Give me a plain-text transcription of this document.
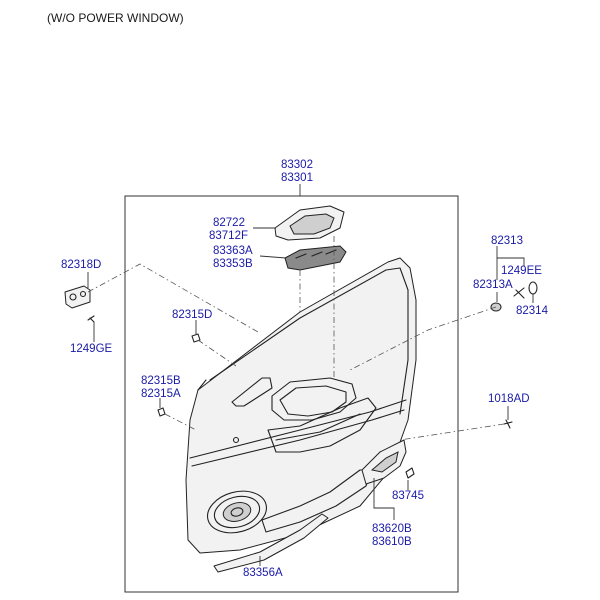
(W/O POWER WINDOW)
83302
83301
82722
83712F
83363A
83353B
82318D
1249GE
82315D
82315B
82315A
82313
1249EE
82313A
82314
1018AD
83745
83620B
83610B
83356A
